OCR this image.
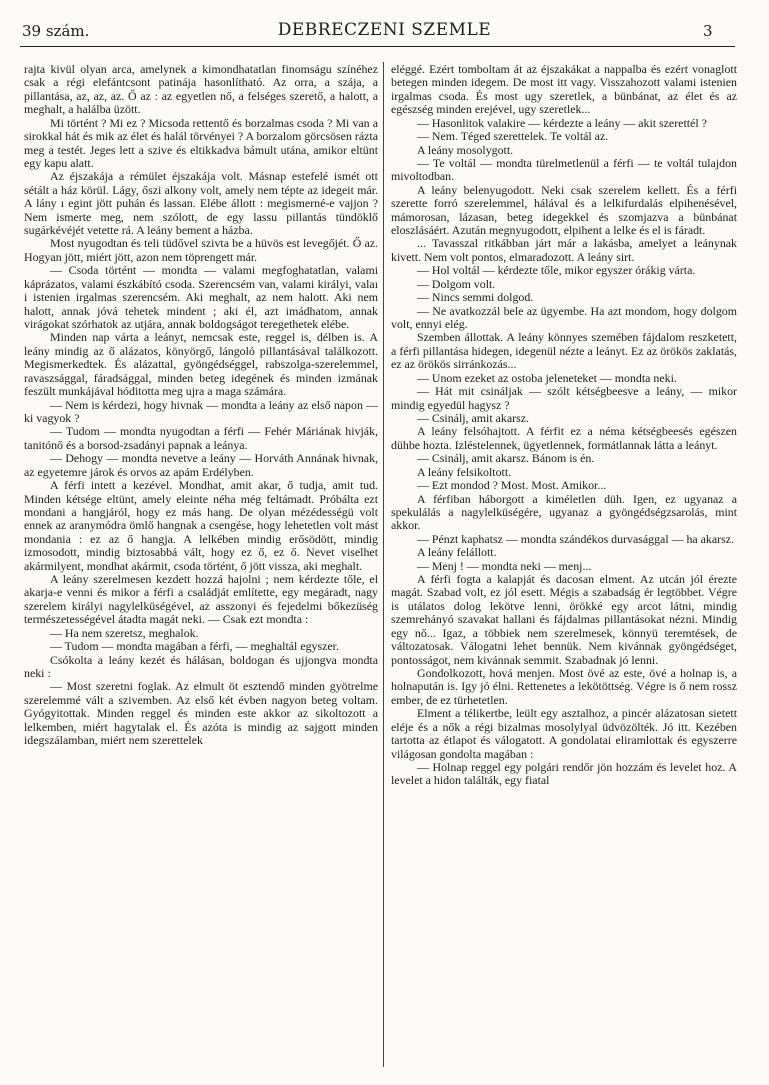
39 szám.	DEBRECZENI SZEMLE	3

rajta kivül olyan arca, amelynek a kimondhatatlan finomságu színéhez csak a régi elefántcsont patinája hasonlítható. Az orra, a szája, a pillantása, az, az, az. Ő az : az egyetlen nő, a felséges szerető, a halott, a meghalt, a halálba üzött.

Mi történt ? Mi ez ? Micsoda rettentő és borzalmas csoda ? Mi van a sirokkal hát és mik az élet és halál törvényei ? A borzalom görcsösen rázta meg a testét. Jeges lett a szive és eltikkadva bámult utána, amikor eltünt egy kapu alatt.

Az éjszakája a rémület éjszakája volt. Másnap estefelé ismét ott sétált a ház körül. Lágy, őszi alkony volt, amely nem tépte az idegeit már. A lány ı egint jött puhán és lassan. Elébe állott : megismerné-e vajjon ? Nem ismerte meg, nem szólott, de egy lassu pillantás tündöklő sugárkévéjét vetette rá. A leány bement a házba.

Most nyugodtan és teli tüdővel szivta be a hüvös est levegőjét. Ő az. Hogyan jött, miért jött, azon nem töprengett már.

— Csoda történt — mondta — valami megfoghatatlan, valami káprázatos, valami észkábító csoda. Szerencsém van, valami királyi, valaı i istenien irgalmas szerencsém. Aki meghalt, az nem halott. Aki nem halott, annak jóvá tehetek mindent ; aki él, azt imádhatom, annak virágokat szórhatok az utjára, annak boldogságot teregethetek elébe.

Minden nap várta a leányt, nemcsak este, reggel is, délben is. A leány mindig az ő alázatos, könyörgő, lángoló pillantásával találkozott. Megismerkedtek. És alázattal, gyöngédséggel, rabszolga-szerelemmel, ravaszsággal, fáradsággal, minden beteg idegének és minden izmának feszült munkájával hóditotta meg ujra a maga számára.

— Nem is kérdezi, hogy hivnak — mondta a leány az első napon — ki vagyok ?

— Tudom — mondta nyugodtan a férfi — Fehér Máriának hivják, tanitónő és a borsod-zsadányi papnak a leánya.

— Dehogy — mondta nevetve a leány — Horváth Annának hivnak, az egyetemre járok és orvos az apám Erdélyben.

A férfi intett a kezével. Mondhat, amit akar, ő tudja, amit tud. Minden kétsége eltünt, amely eleinte néha még feltámadt. Próbálta ezt mondani a hangjáról, hogy ez más hang. De olyan mézédességü volt ennek az aranymódra ömlő hangnak a csengése, hogy lehetetlen volt mást mondania : ez az ő hangja. A lelkében mindig erősödött, mindig izmosodott, mindig biztosabbá vált, hogy ez ő, ez ő. Nevet viselhet akármilyent, mondhat akármit, csoda történt, ő jött vissza, aki meghalt.

A leány szerelmesen kezdett hozzá hajolni ; nem kérdezte tőle, el akarja-e venni és mikor a férfi a családját említette, egy megáradt, nagy szerelem királyi nagylelküségével, az asszonyi és fejedelmi bőkezüség természetességével átadta magát neki. — Csak ezt mondta :

— Ha nem szeretsz, meghalok.

— Tudom — mondta magában a férfi, — meghaltál egyszer.

Csókolta a leány kezét és hálásan, boldogan és ujjongva mondta neki :

— Most szeretni foglak. Az elmult öt esztendő minden gyötrelme szerelemmé vált a szivemben. Az első két évben nagyon beteg voltam. Gyógyitottak. Minden reggel és minden este akkor az sikoltozott a lelkemben, miért hagytalak el. És azóta is mindig az sajgott minden idegszálamban, miért nem szerettelek

eléggé. Ezért tomboltam át az éjszakákat a nappalba és ezért vonaglott betegen minden idegem. De most itt vagy. Visszahozott valami istenien irgalmas csoda. És most ugy szeretlek, a bünbánat, az élet és az egészség minden erejével, ugy szeretlek...

— Hasonlitok valakire — kérdezte a leány — akit szerettél ?

— Nem. Téged szerettelek. Te voltál az.

A leány mosolygott.

— Te voltál — mondta türelmetlenül a férfi — te voltál tulajdon mivoltodban.

A leány belenyugodott. Neki csak szerelem kellett. És a férfi szerette forró szerelemmel, hálával és a lelkifurdalás elpihenésével, mámorosan, lázasan, beteg idegekkel és szomjazva a bünbánat eloszlásáért. Azután megnyugodott, elpihent a lelke és el is fáradt.

... Tavasszal ritkábban járt már a lakásba, amelyet a leánynak kivett. Nem volt pontos, elmaradozott. A leány sirt.

— Hol voltál — kérdezte tőle, mikor egyszer órákig várta.

— Dolgom volt.

— Nincs semmi dolgod.

— Ne avatkozzál bele az ügyembe. Ha azt mondom, hogy dolgom volt, ennyi elég.

Szemben állottak. A leány könnyes szemében fájdalom reszketett, a férfi pillantása hidegen, idegenül nézte a leányt. Ez az örökös zaklatás, ez az örökös sirránkozás...

— Unom ezeket az ostoba jeleneteket — mondta neki.

— Hát mit csináljak — szólt kétségbeesve a leány, — mikor mindig egyedül hagysz ?

— Csinálj, amit akarsz.

A leány felsóhajtott. A férfit ez a néma kétségbeesés egészen dühbe hozta. Izléstelennek, ügyetlennek, formátlannak látta a leányt.

— Csinálj, amit akarsz. Bánom is én.

A leány felsikoltott.

— Ezt mondod ? Most. Most. Amikor...

A férfiban háborgott a kiméletlen düh. Igen, ez ugyanaz a spekulálás a nagylelküségére, ugyanaz a gyöngédségzsarolás, mint akkor.

— Pénzt kaphatsz — mondta szándékos durvasággal — ha akarsz.

A leány felállott.

— Menj ! — mondta neki — menj...

A férfi fogta a kalapját és dacosan elment. Az utcán jól érezte magát. Szabad volt, ez jól esett. Mégis a szabadság ér legtöbbet. Végre is utálatos dolog lekötve lenni, örökké egy arcot látni, mindig szemrehányó szavakat hallani és fájdalmas pillantásokat nézni. Mindig egy nő... Igaz, a többiek nem szerelmesek, könnyü teremtések, de változatosak. Válogatni lehet bennük. Nem kivánnak gyöngédséget, pontosságot, nem kivánnak semmit. Szabadnak jó lenni.

Gondolkozott, hová menjen. Most övé az este, övé a holnap is, a holnapután is. Igy jó élni. Rettenetes a lekötöttség. Végre is ő nem rossz ember, de ez türhetetlen.

Elment a télikertbe, leült egy asztalhoz, a pincér alázatosan sietett eléje és a nők a régi bizalmas mosolylyal üdvözölték. Jó itt. Kezében tartotta az étlapot és válogatott. A gondolatai eliramlottak és egyszerre világosan gondolta magában :

— Holnap reggel egy polgári rendőr jön hozzám és levelet hoz. A levelet a hidon találták, egy fiatal
